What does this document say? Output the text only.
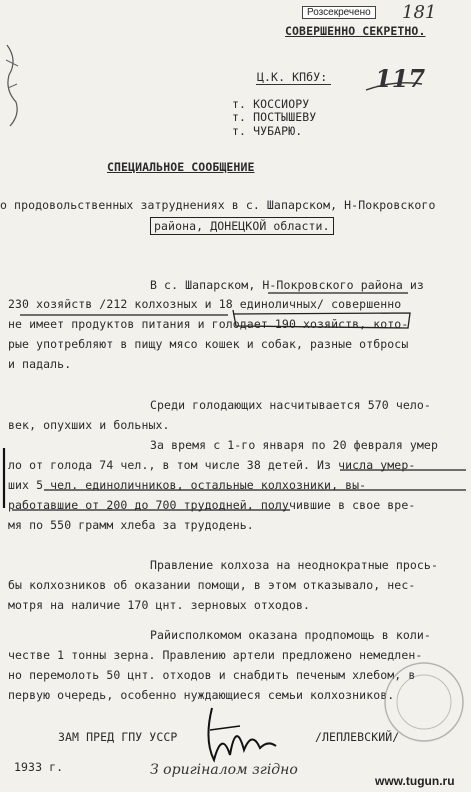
Розсекречено 181
СОВЕРШЕННО СЕКРЕТНО.
117
Ц.К. КПбУ:
т. КОССИОРУ
т. ПОСТЫШЕВУ
т. ЧУБАРЮ.
СПЕЦИАЛЬНОЕ СООБЩЕНИЕ
о продовольственных затруднениях в с. Шапарском, Н-Покровского
района, ДОНЕЦКОЙ области.
В с. Шапарском, Н-Покровского района из
230 хозяйств /212 колхозных и 18 единоличных/ совершенно
не имеет продуктов питания и голодает 190 хозяйств, кото-
рые употребляют в пищу мясо кошек и собак, разные отбросы
и падаль.
Среди голодающих насчитывается 570 чело-
век, опухших и больных.
За время с 1-го января по 20 февраля умер
ло от голода 74 чел., в том числе 38 детей. Из числа умер-
ших 5 чел. единоличников, остальные колхозники, вы-
работавшие от 200 до 700 трудодней, получившие в свое вре-
мя по 550 грамм хлеба за трудодень.
Правление колхоза на неоднократные прось-
бы колхозников об оказании помощи, в этом отказывало, нес-
мотря на наличие 170 цнт. зерновых отходов.
Райисполкомом оказана продпомощь в коли-
честве 1 тонны зерна. Правлению артели предложено немедлен-
но перемолоть 50 цнт. отходов и снабдить печеным хлебом, в
первую очередь, особенно нуждающиеся семьи колхозников.
ЗАМ ПРЕД ГПУ УССР	/ЛЕПЛЕВСКИЙ/
1933 г.	З оригіналом згідно
www.tugun.ru
